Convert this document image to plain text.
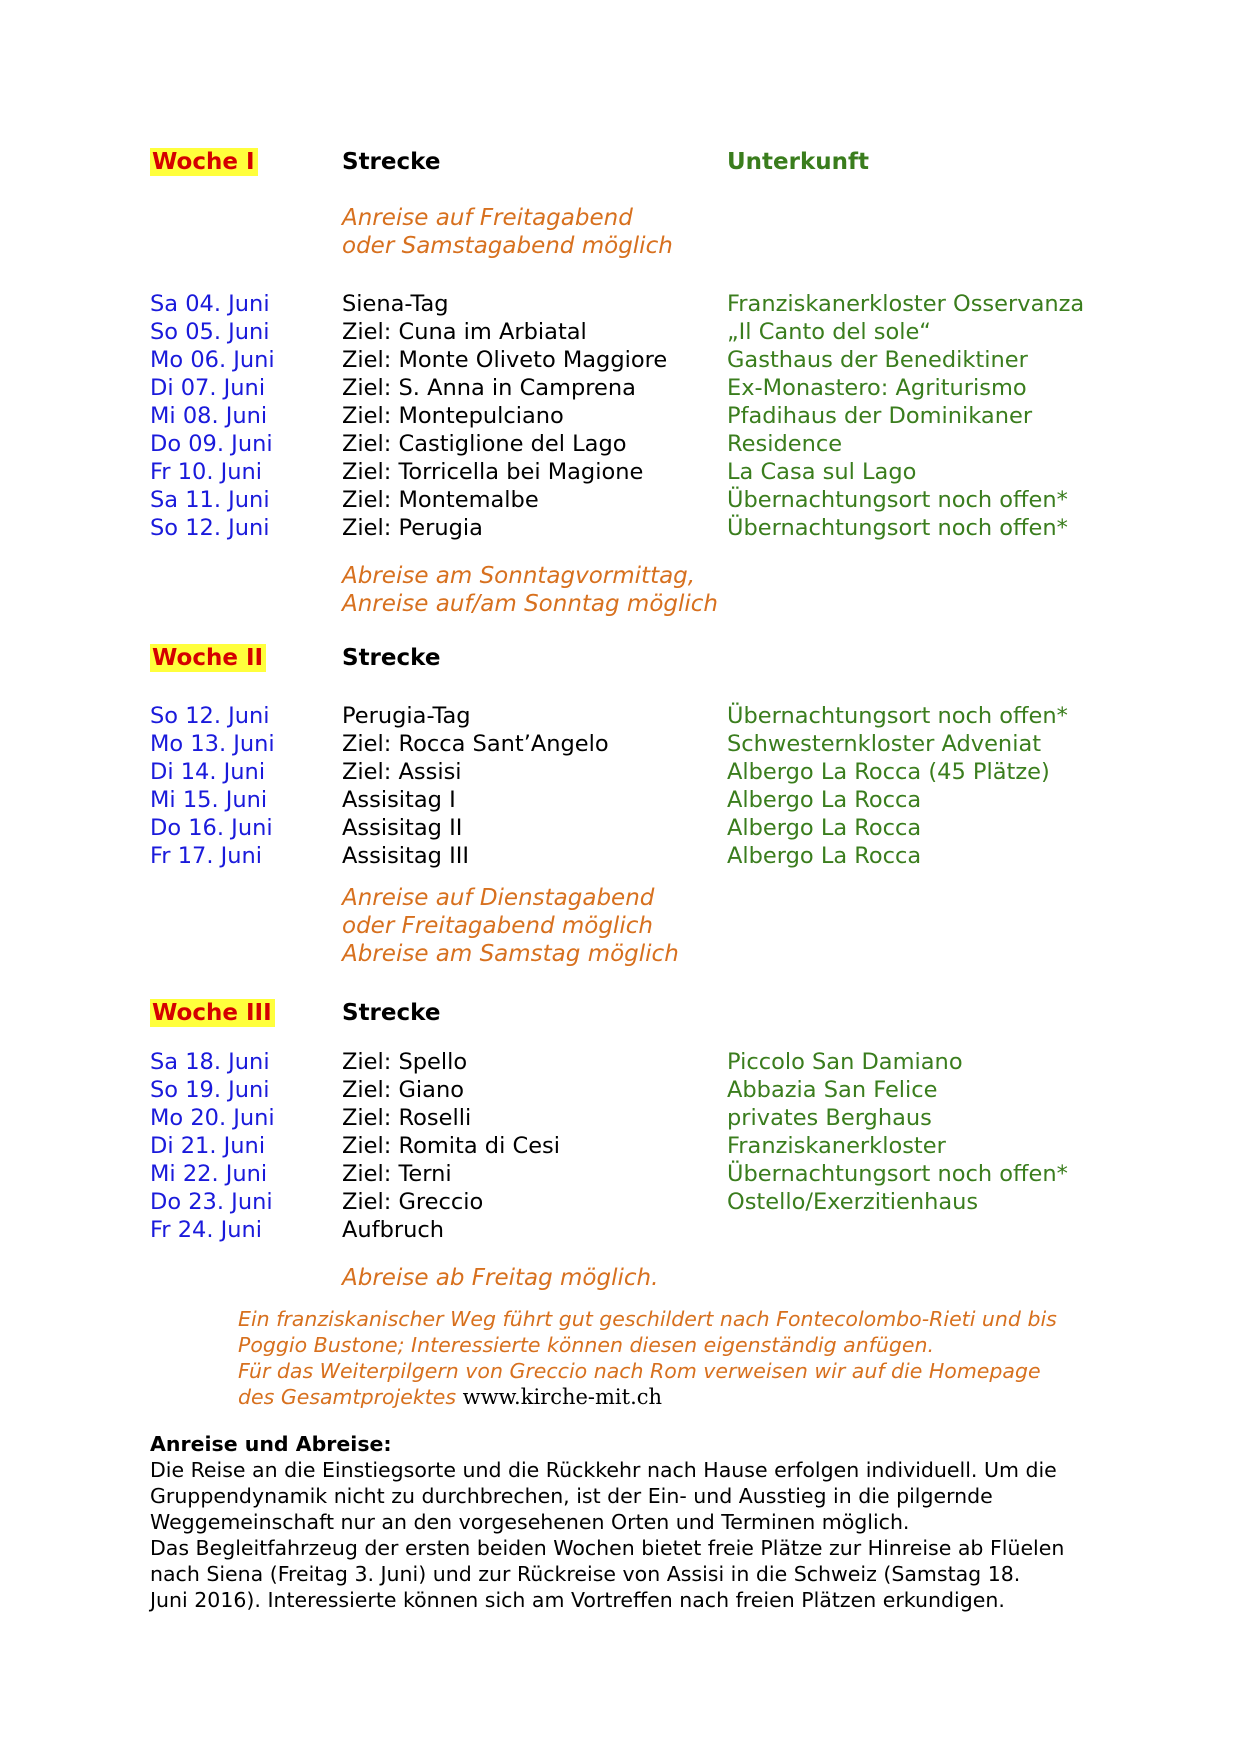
Woche I	Strecke	Unterkunft
Anreise auf Freitagabend
oder Samstagabend möglich
Sa 04. Juni	Siena-Tag	Franziskanerkloster Osservanza
So 05. Juni	Ziel: Cuna im Arbiatal	„Il Canto del sole“
Mo 06. Juni	Ziel: Monte Oliveto Maggiore	Gasthaus der Benediktiner
Di 07. Juni	Ziel: S. Anna in Camprena	Ex-Monastero: Agriturismo
Mi 08. Juni	Ziel: Montepulciano	Pfadihaus der Dominikaner
Do 09. Juni	Ziel: Castiglione del Lago	Residence
Fr 10. Juni	Ziel: Torricella bei Magione	La Casa sul Lago
Sa 11. Juni	Ziel: Montemalbe	Übernachtungsort noch offen*
So 12. Juni	Ziel: Perugia	Übernachtungsort noch offen*
Abreise am Sonntagvormittag,
Anreise auf/am Sonntag möglich
Woche II	Strecke
So 12. Juni	Perugia-Tag	Übernachtungsort noch offen*
Mo 13. Juni	Ziel: Rocca Sant’Angelo	Schwesternkloster Adveniat
Di 14. Juni	Ziel: Assisi	Albergo La Rocca (45 Plätze)
Mi 15. Juni	Assisitag I	Albergo La Rocca
Do 16. Juni	Assisitag II	Albergo La Rocca
Fr 17. Juni	Assisitag III	Albergo La Rocca
Anreise auf Dienstagabend
oder Freitagabend möglich
Abreise am Samstag möglich
Woche III	Strecke
Sa 18. Juni	Ziel: Spello	Piccolo San Damiano
So 19. Juni	Ziel: Giano	Abbazia San Felice
Mo 20. Juni	Ziel: Roselli	privates Berghaus
Di 21. Juni	Ziel: Romita di Cesi	Franziskanerkloster
Mi 22. Juni	Ziel: Terni	Übernachtungsort noch offen*
Do 23. Juni	Ziel: Greccio	Ostello/Exerzitienhaus
Fr 24. Juni	Aufbruch
Abreise ab Freitag möglich.
Ein franziskanischer Weg führt gut geschildert nach Fontecolombo-Rieti und bis
Poggio Bustone; Interessierte können diesen eigenständig anfügen.
Für das Weiterpilgern von Greccio nach Rom verweisen wir auf die Homepage
des Gesamtprojektes www.kirche-mit.ch
Anreise und Abreise:
Die Reise an die Einstiegsorte und die Rückkehr nach Hause erfolgen individuell. Um die
Gruppendynamik nicht zu durchbrechen, ist der Ein- und Ausstieg in die pilgernde
Weggemeinschaft nur an den vorgesehenen Orten und Terminen möglich.
Das Begleitfahrzeug der ersten beiden Wochen bietet freie Plätze zur Hinreise ab Flüelen
nach Siena (Freitag 3. Juni) und zur Rückreise von Assisi in die Schweiz (Samstag 18.
Juni 2016). Interessierte können sich am Vortreffen nach freien Plätzen erkundigen.
